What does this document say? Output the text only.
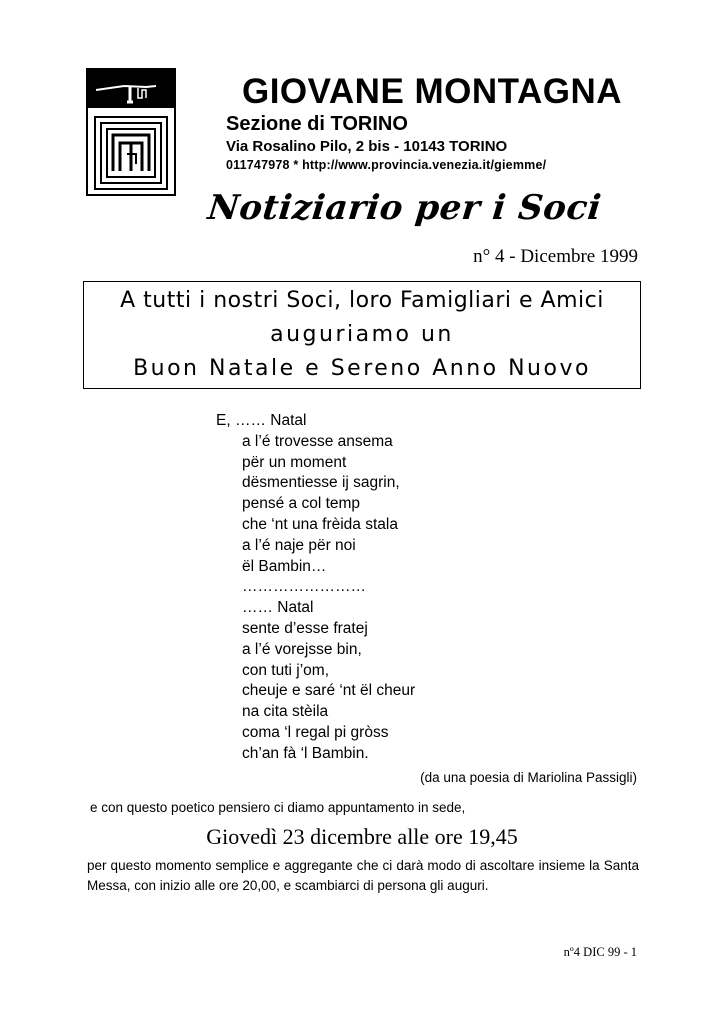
GIOVANE MONTAGNA

Sezione di TORINO

Via Rosalino Pilo, 2 bis - 10143 TORINO

011747978 * http://www.provincia.venezia.it/giemme/

Notiziario per i Soci

n° 4 - Dicembre 1999

A tutti i nostri Soci, loro Famigliari e Amici
auguriamo un
Buon Natale e Sereno Anno Nuovo
E, …… Natal
a l’é trovesse ansema
për un moment
dësmentiesse ij sagrin,
pensé a col temp
che ‘nt una frèida stala
a l’é naje për noi
ël Bambin…
……………………
…… Natal
sente d’esse fratej
a l’é vorejsse bin,
con tuti j’om,
cheuje e saré ‘nt ël cheur
na cita stèila
coma ‘l regal pi gròss
ch’an fà ‘l Bambin.

(da una poesia di Mariolina Passigli)

e con questo poetico pensiero ci diamo appuntamento in sede,

Giovedì 23 dicembre alle ore 19,45

per questo momento semplice e aggregante che ci darà modo di ascoltare insieme la Santa Messa, con inizio alle ore 20,00, e scambiarci di persona gli auguri.

nº4 DIC 99 - 1
